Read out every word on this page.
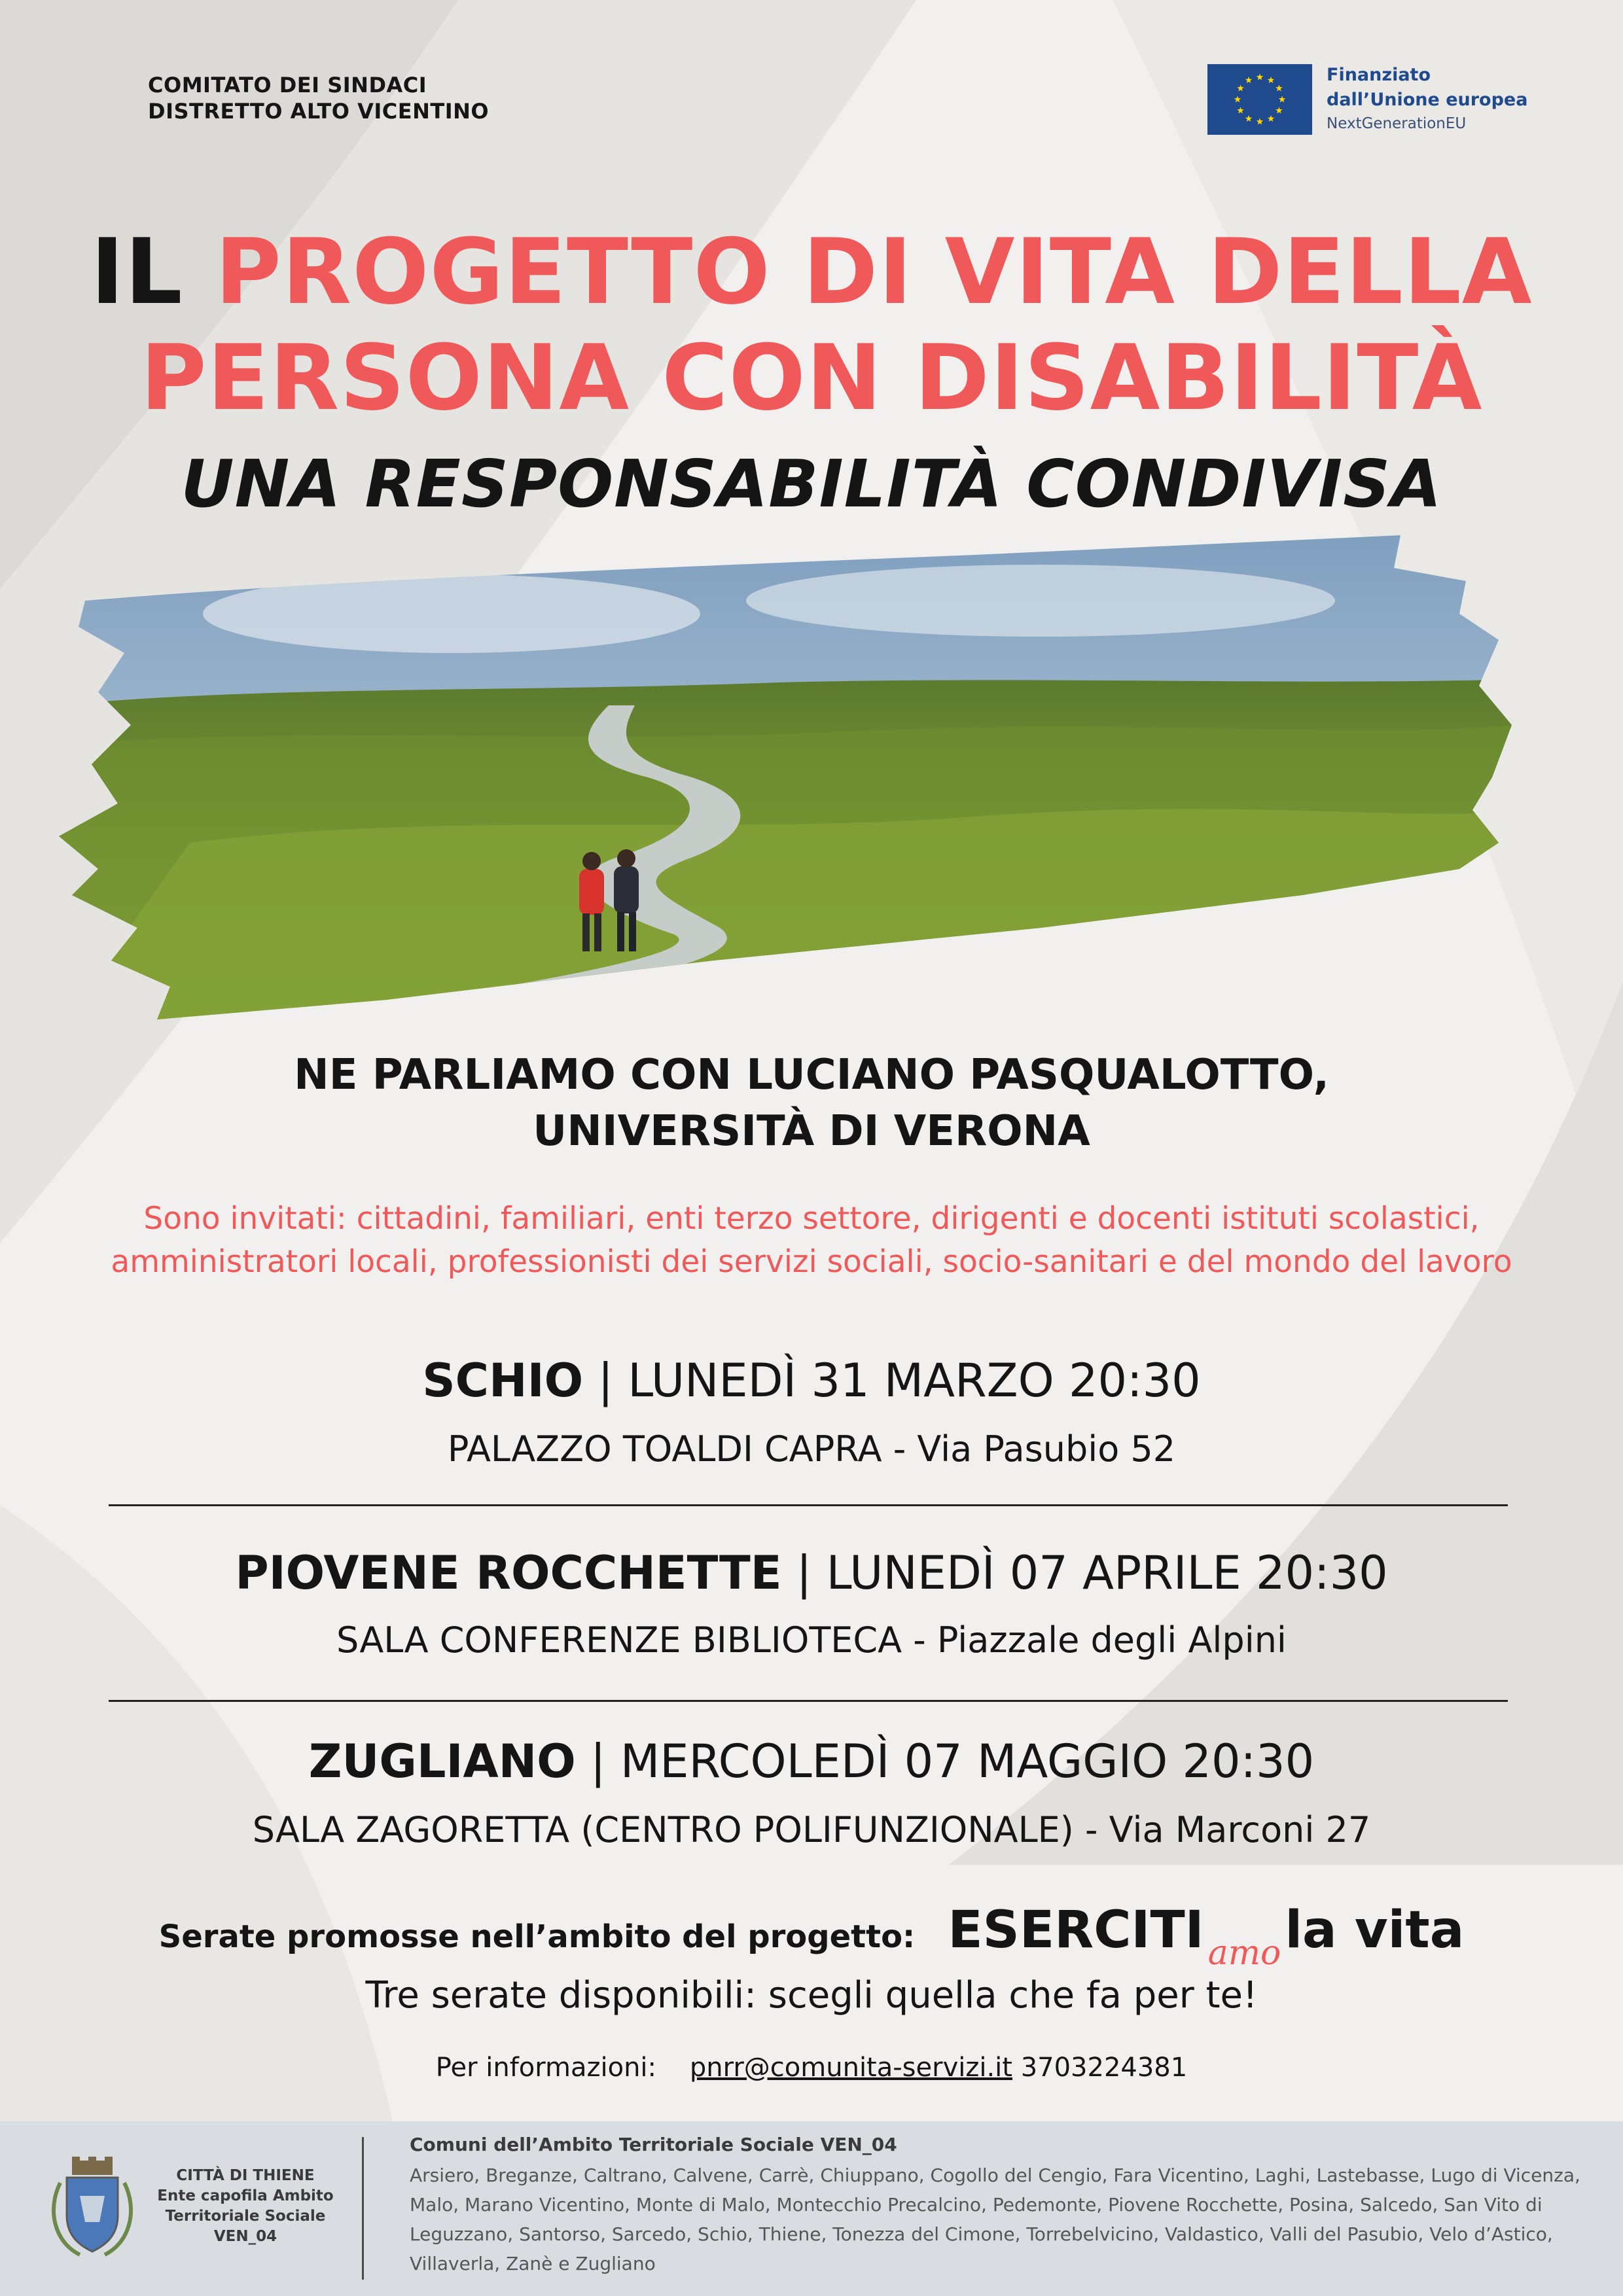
COMITATO DEI SINDACI
DISTRETTO ALTO VICENTINO
Finanziato
dall’Unione europea
NextGenerationEU
IL PROGETTO DI VITA DELLA
PERSONA CON DISABILITÀ
UNA RESPONSABILITÀ CONDIVISA
NE PARLIAMO CON LUCIANO PASQUALOTTO,
UNIVERSITÀ DI VERONA
Sono invitati: cittadini, familiari, enti terzo settore, dirigenti e docenti istituti scolastici,
amministratori locali, professionisti dei servizi sociali, socio-sanitari e del mondo del lavoro
SCHIO | LUNEDÌ 31 MARZO 20:30
PALAZZO TOALDI CAPRA - Via Pasubio 52
PIOVENE ROCCHETTE | LUNEDÌ 07 APRILE 20:30
SALA CONFERENZE BIBLIOTECA - Piazzale degli Alpini
ZUGLIANO | MERCOLEDÌ 07 MAGGIO 20:30
SALA ZAGORETTA (CENTRO POLIFUNZIONALE) - Via Marconi 27
Serate promosse nell’ambito del progetto: ESERCITI amola vita
Tre serate disponibili: scegli quella che fa per te!
Per informazioni: pnrr@comunita-servizi.it 3703224381
CITTÀ DI THIENE
Ente capofila Ambito
Territoriale Sociale
VEN_04
Comuni dell’Ambito Territoriale Sociale VEN_04
Arsiero, Breganze, Caltrano, Calvene, Carrè, Chiuppano, Cogollo del Cengio, Fara Vicentino, Laghi, Lastebasse, Lugo di Vicenza, Malo, Marano Vicentino, Monte di Malo, Montecchio Precalcino, Pedemonte, Piovene Rocchette, Posina, Salcedo, San Vito di Leguzzano, Santorso, Sarcedo, Schio, Thiene, Tonezza del Cimone, Torrebelvicino, Valdastico, Valli del Pasubio, Velo d’Astico, Villaverla, Zanè e Zugliano
